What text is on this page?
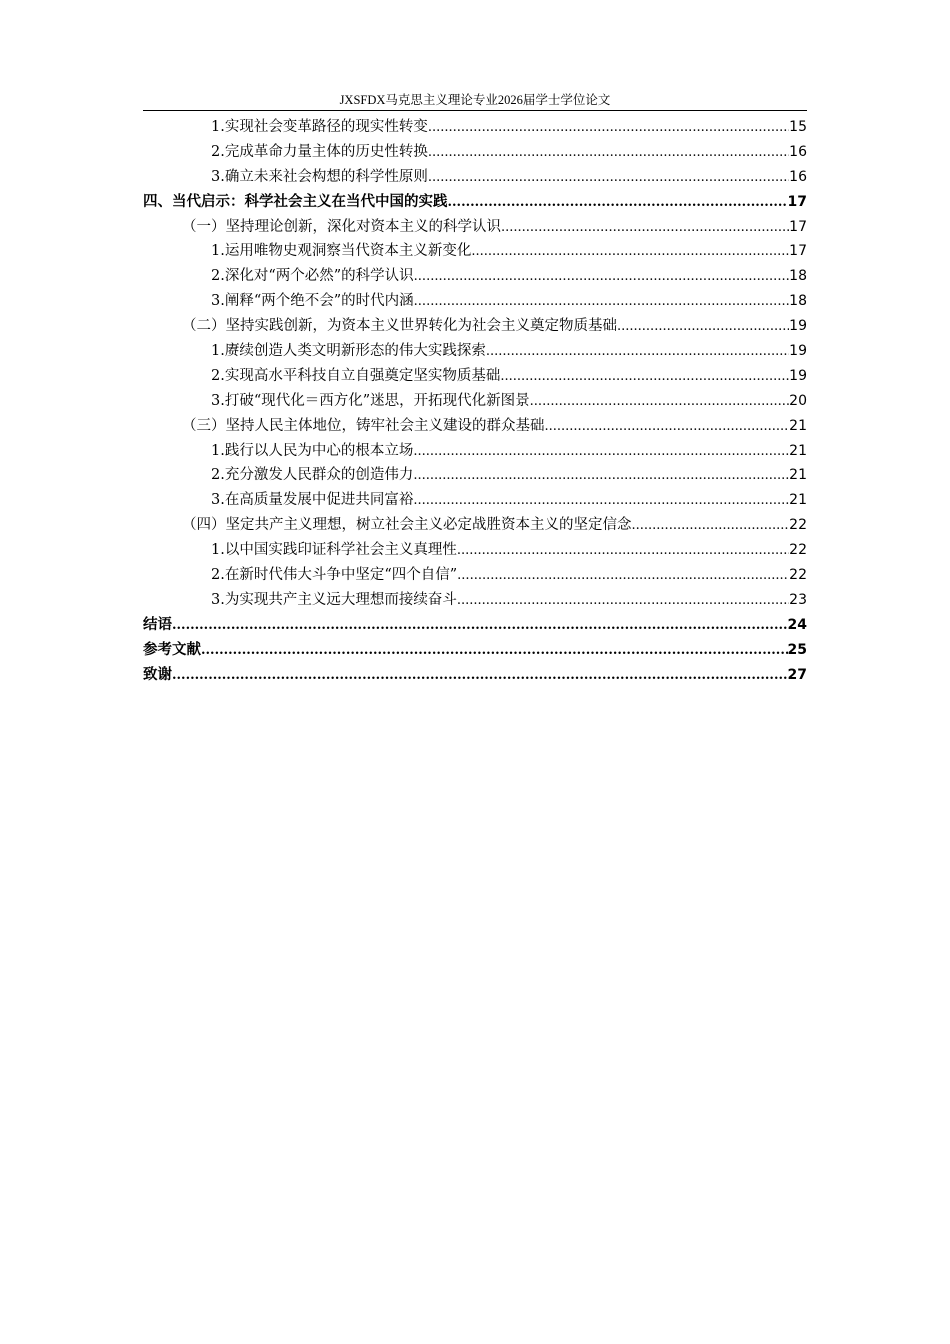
JXSFDX马克思主义理论专业2026届学士学位论文
1.实现社会变革路径的现实性转变 .....	15
2.完成革命力量主体的历史性转换 .....	16
3.确立未来社会构想的科学性原则 .....	16
四、当代启示：科学社会主义在当代中国的实践 .....	17
（一）坚持理论创新，深化对资本主义的科学认识 .....	17
1.运用唯物史观洞察当代资本主义新变化 .....	17
2.深化对“两个必然”的科学认识 .....	18
3.阐释“两个绝不会”的时代内涵 .....	18
（二）坚持实践创新，为资本主义世界转化为社会主义奠定物质基础 .....	19
1.赓续创造人类文明新形态的伟大实践探索 .....	19
2.实现高水平科技自立自强奠定坚实物质基础 .....	19
3.打破“现代化＝西方化”迷思，开拓现代化新图景 .....	20
（三）坚持人民主体地位，铸牢社会主义建设的群众基础 .....	21
1.践行以人民为中心的根本立场 .....	21
2.充分激发人民群众的创造伟力 .....	21
3.在高质量发展中促进共同富裕 .....	21
（四）坚定共产主义理想，树立社会主义必定战胜资本主义的坚定信念 .....	22
1.以中国实践印证科学社会主义真理性 .....	22
2.在新时代伟大斗争中坚定“四个自信” .....	22
3.为实现共产主义远大理想而接续奋斗 .....	23
结语 .....	24
参考文献 .....	25
致谢 .....	27
